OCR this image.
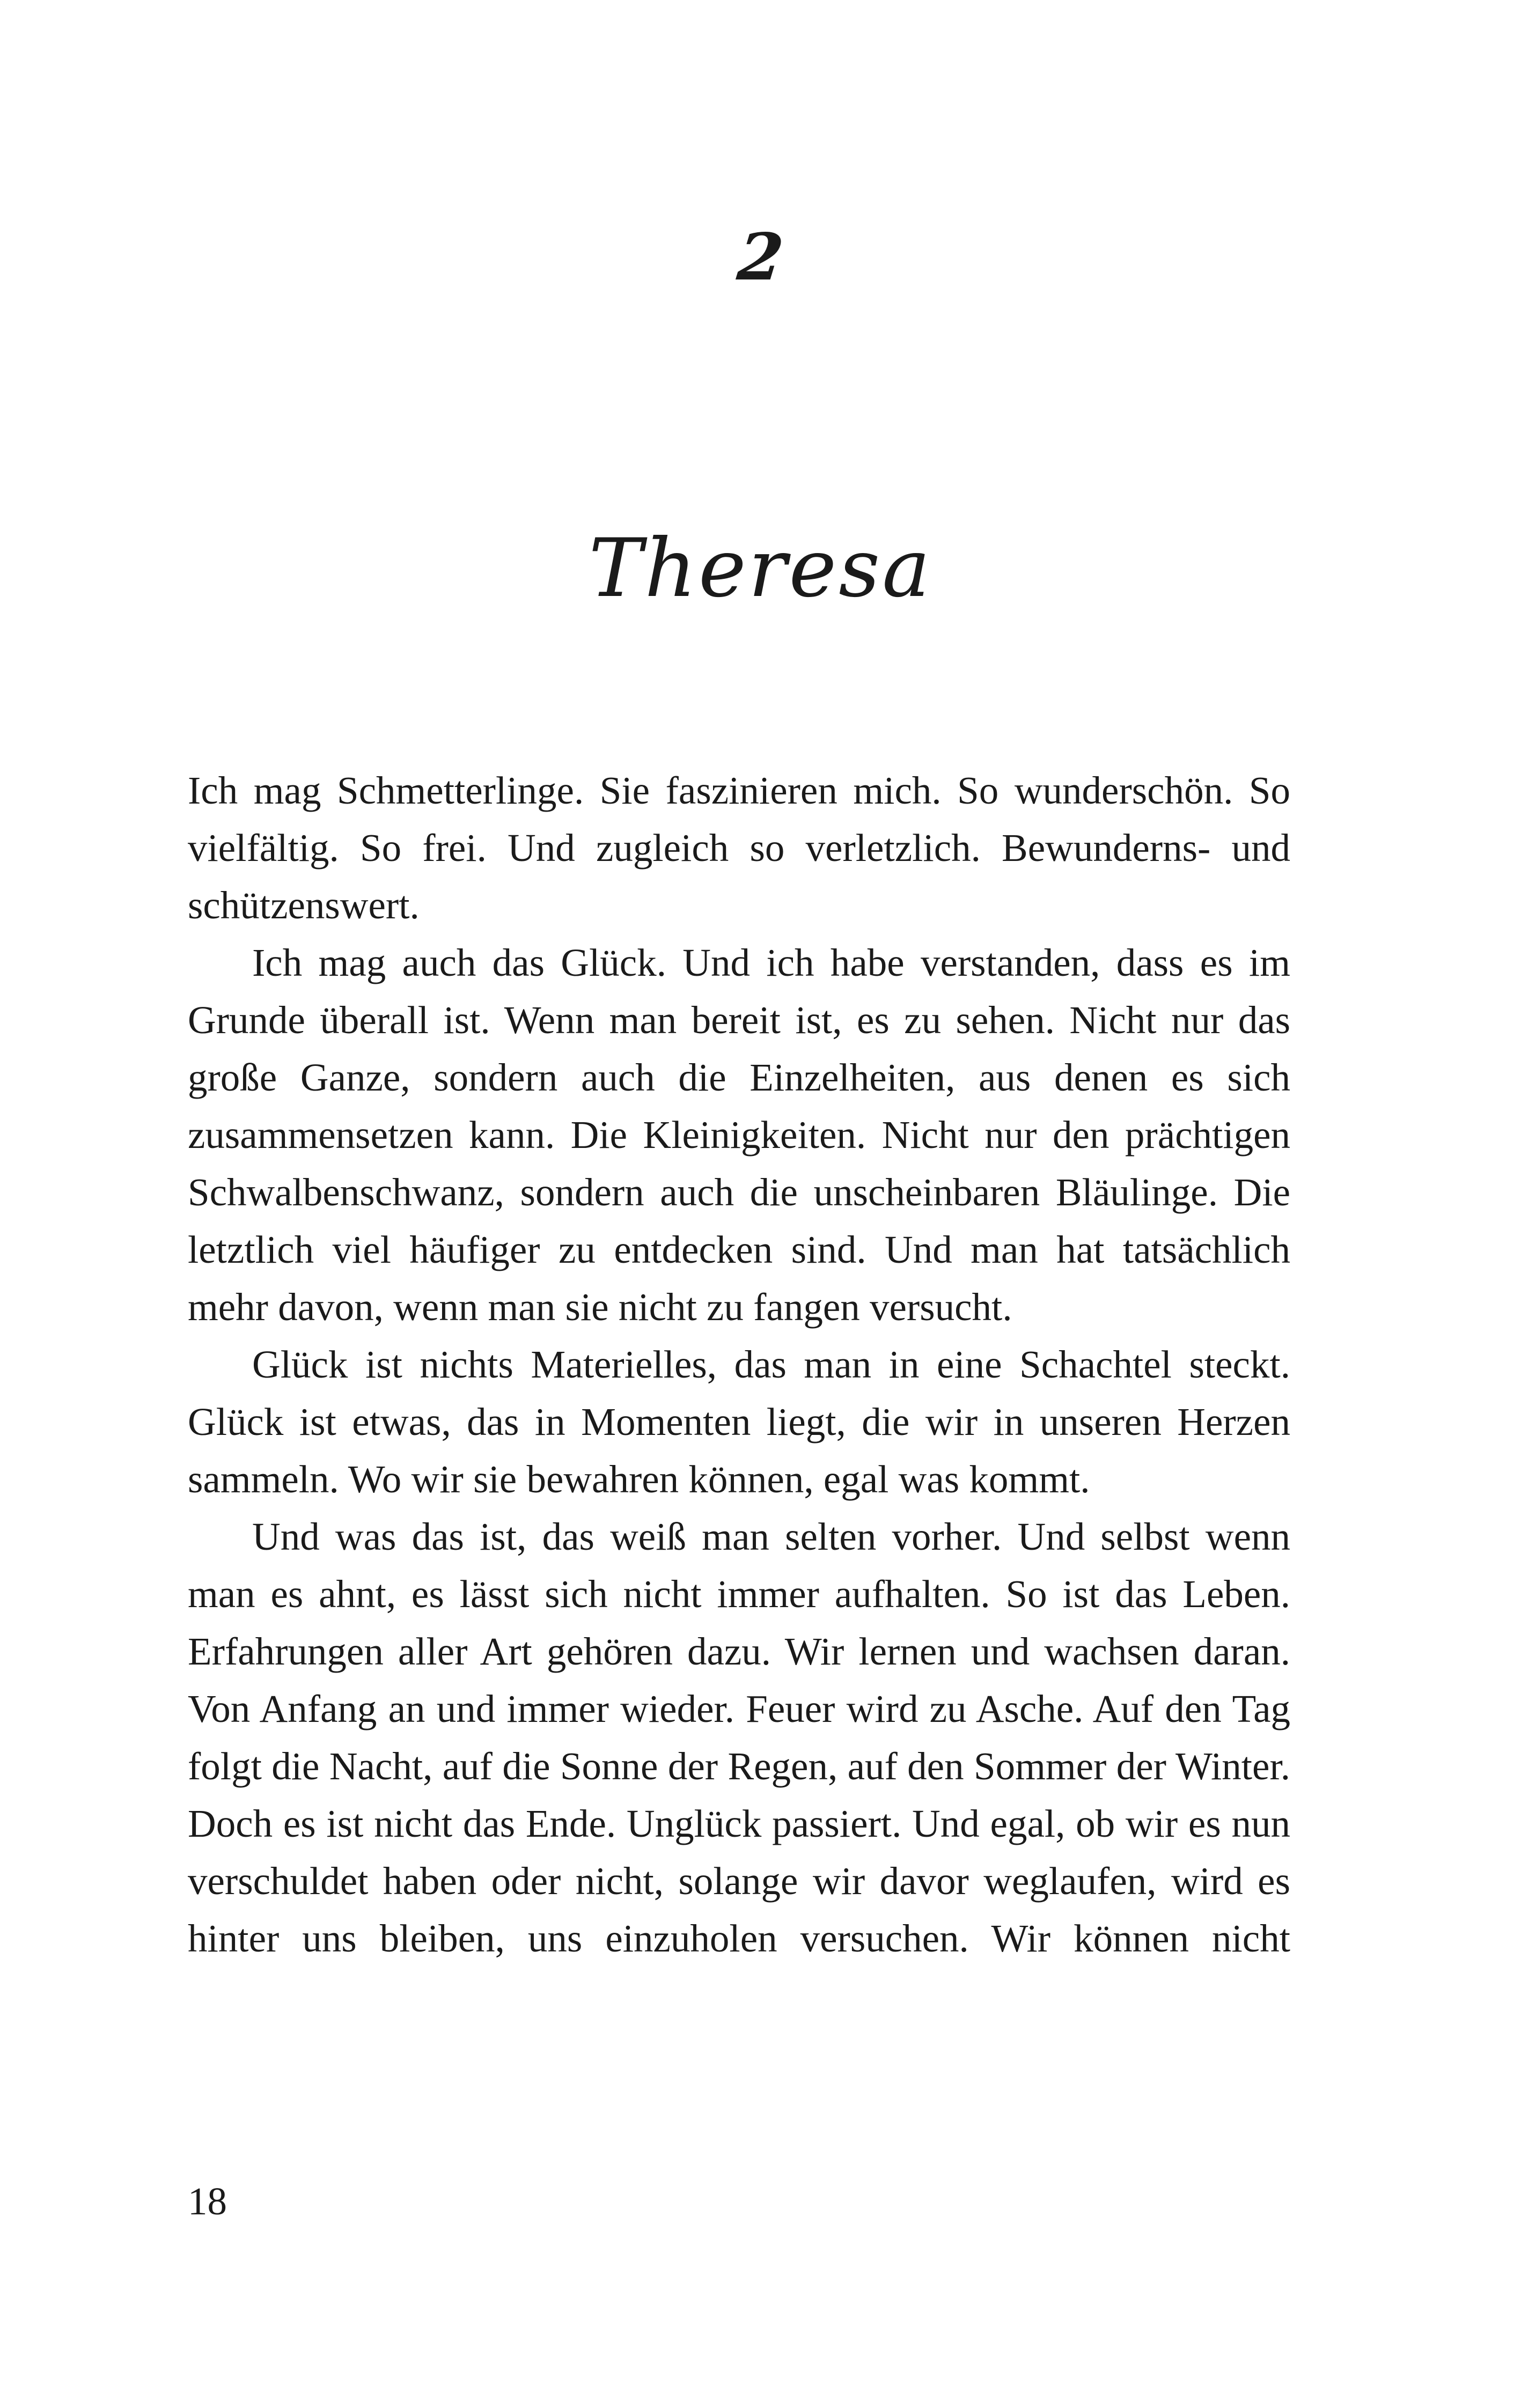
2
Theresa

Ich mag Schmetterlinge. Sie faszinieren mich. So wunderschön. So vielfältig. So frei. Und zugleich so verletzlich. Bewunderns- und schützenswert.

Ich mag auch das Glück. Und ich habe verstanden, dass es im Grunde überall ist. Wenn man bereit ist, es zu sehen. Nicht nur das große Ganze, sondern auch die Einzelheiten, aus denen es sich zusammensetzen kann. Die Kleinigkeiten. Nicht nur den prächtigen Schwalbenschwanz, sondern auch die unscheinbaren Bläulinge. Die letztlich viel häufiger zu entdecken sind. Und man hat tatsächlich mehr davon, wenn man sie nicht zu fangen versucht.

Glück ist nichts Materielles, das man in eine Schachtel steckt. Glück ist etwas, das in Momenten liegt, die wir in unseren Herzen sammeln. Wo wir sie bewahren können, egal was kommt.

Und was das ist, das weiß man selten vorher. Und selbst wenn man es ahnt, es lässt sich nicht immer aufhalten. So ist das Leben. Erfahrungen aller Art gehören dazu. Wir lernen und wachsen daran. Von Anfang an und immer wieder. Feuer wird zu Asche. Auf den Tag folgt die Nacht, auf die Sonne der Regen, auf den Sommer der Winter. Doch es ist nicht das Ende. Unglück passiert. Und egal, ob wir es nun verschuldet haben oder nicht, solange wir davor weglaufen, wird es hinter uns bleiben, uns einzuholen versuchen. Wir können nicht

18
